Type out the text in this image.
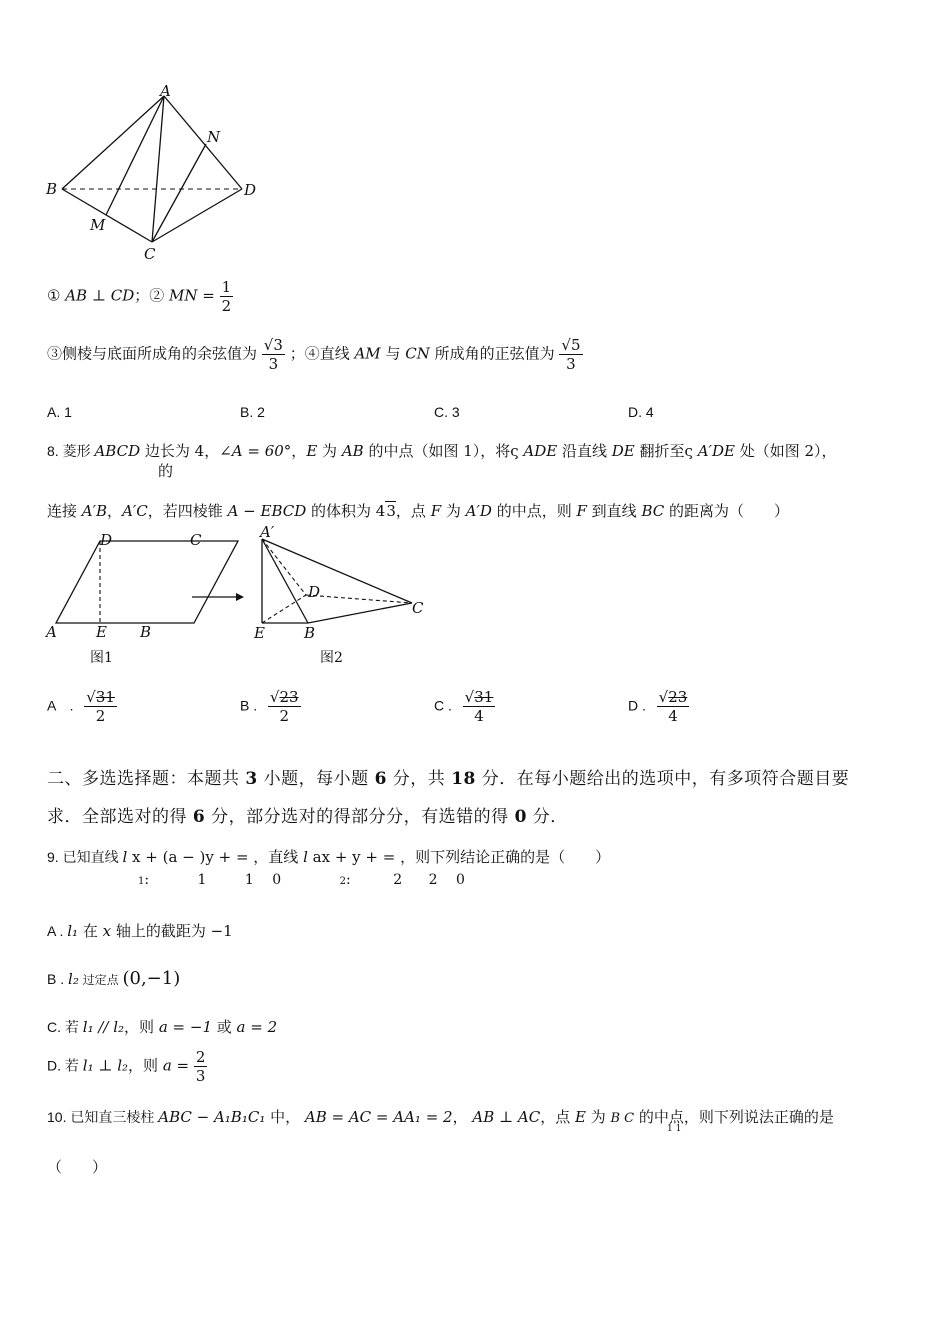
A
N
B	D
M
C
① AB ⊥ CD；② MN = $\frac{1}{2}$
③侧棱与底面所成角的余弦值为 $\frac{√3}{3}$ ；④直线 AM 与 CN 所成角的正弦值为 $\frac{√5}{3}$
A. 1	B. 2	C. 3	D. 4
8. 菱形 ABCD 边长为 4，∠A = 60°，E 为 AB 的中点（如图 1），将ς ADE 沿直线 DE 翻折至ς A′DE 处（如图 2），
的
连接 A′B，A′C，若四棱锥 A − EBCD 的体积为 43，点 F 为 A′D 的中点，则 F 到直线 BC 的距离为（　　）
D	C
A	E B
图1
A′
D
C
E	B
图2
A　. $\frac{√31}{2}$	B . $\frac{√23}{2}$	C . $\frac{√31}{4}$	D . $\frac{√23}{4}$
二、多选选择题：本题共 3 小题，每小题 6 分，共 18 分．在每小题给出的选项中，有多项符合题目要
求．全部选对的得 6 分，部分选对的得部分分，有选错的得 0 分．
9. 已知直线 l x + (a − )y + = ，直线 l ax + y + = ，则下列结论正确的是（　　）
1:	1	1 0	2:	2 2 0
A . l₁ 在 x 轴上的截距为 −1
B . l₂ 过定点 (0,−1)
C. 若 l₁ // l₂，则 a = −1 或 a = 2
D. 若 l₁ ⊥ l₂，则 $a = \frac{2}{3}$
10. 已知直三棱柱 ABC − A₁B₁C₁ 中， AB = AC = AA₁ = 2， AB ⊥ AC，点 E 为 B C 的中点，则下列说法正确的是
1 1
（　　）
